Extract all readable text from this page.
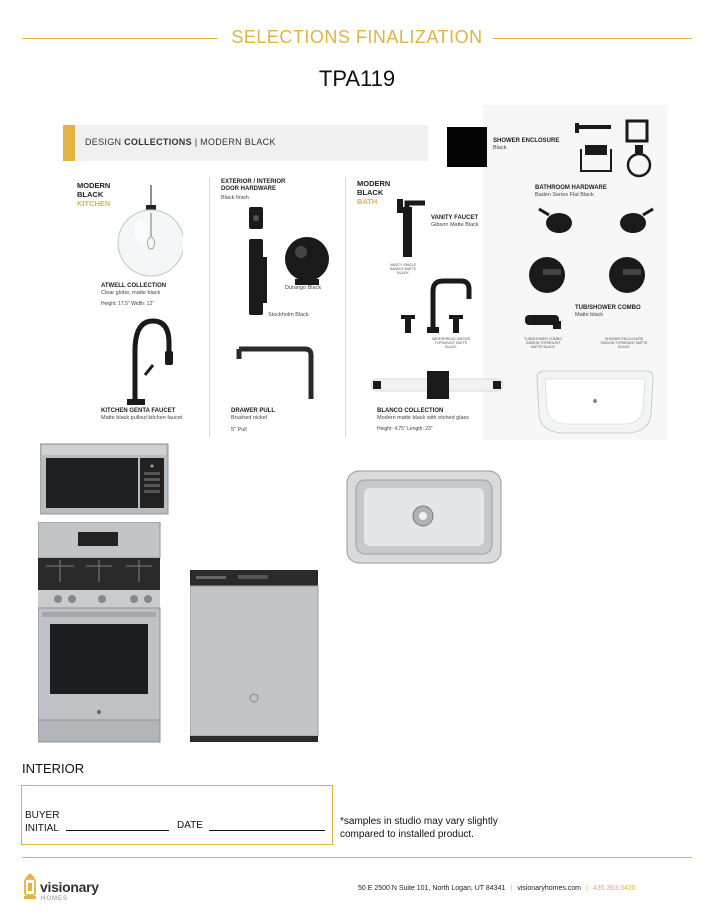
SELECTIONS FINALIZATION
TPA119
DESIGN COLLECTIONS | MODERN BLACK
MODERN
BLACK
KITCHEN
ATWELL COLLECTION
Clear globe, matte black
Height: 17.5" Width: 12"
KITCHEN GENTA FAUCET
Matte black pullout kitchen faucet
EXTERIOR / INTERIOR
DOOR HARDWARE
Black finish
Durango Black
Stockholm Black
DRAWER PULL
Brushed nickel
5" Pull
MODERN
BLACK
BATH
VANITY FAUCET
Gibson Matte Black
VANITY SINGLE HANDLE MATTE BLACK
WIDESPREAD GIBSON TOPMOUNT MATTE BLACK
BLANCO COLLECTION
Modern matte black with etched glass
Height: 4.75" Length: 23"
SHOWER ENCLOSURE
Black
BATHROOM HARDWARE
Baden Series Flat Black
TUB/SHOWER COMBO
Matte black
TUB/SHOWER COMBO GIBSON TOPMOUNT MATTE BLACK
SHOWER ENCLOSURE GIBSON TOPMOUNT MATTE BLACK
INTERIOR
BUYER
INITIAL	DATE	*samples in studio may vary slightly
compared to installed product.
visionary
HOMES
50 E 2500 N Suite 101, North Logan, UT 84341 | visionaryhomes.com | 435.363.3420
